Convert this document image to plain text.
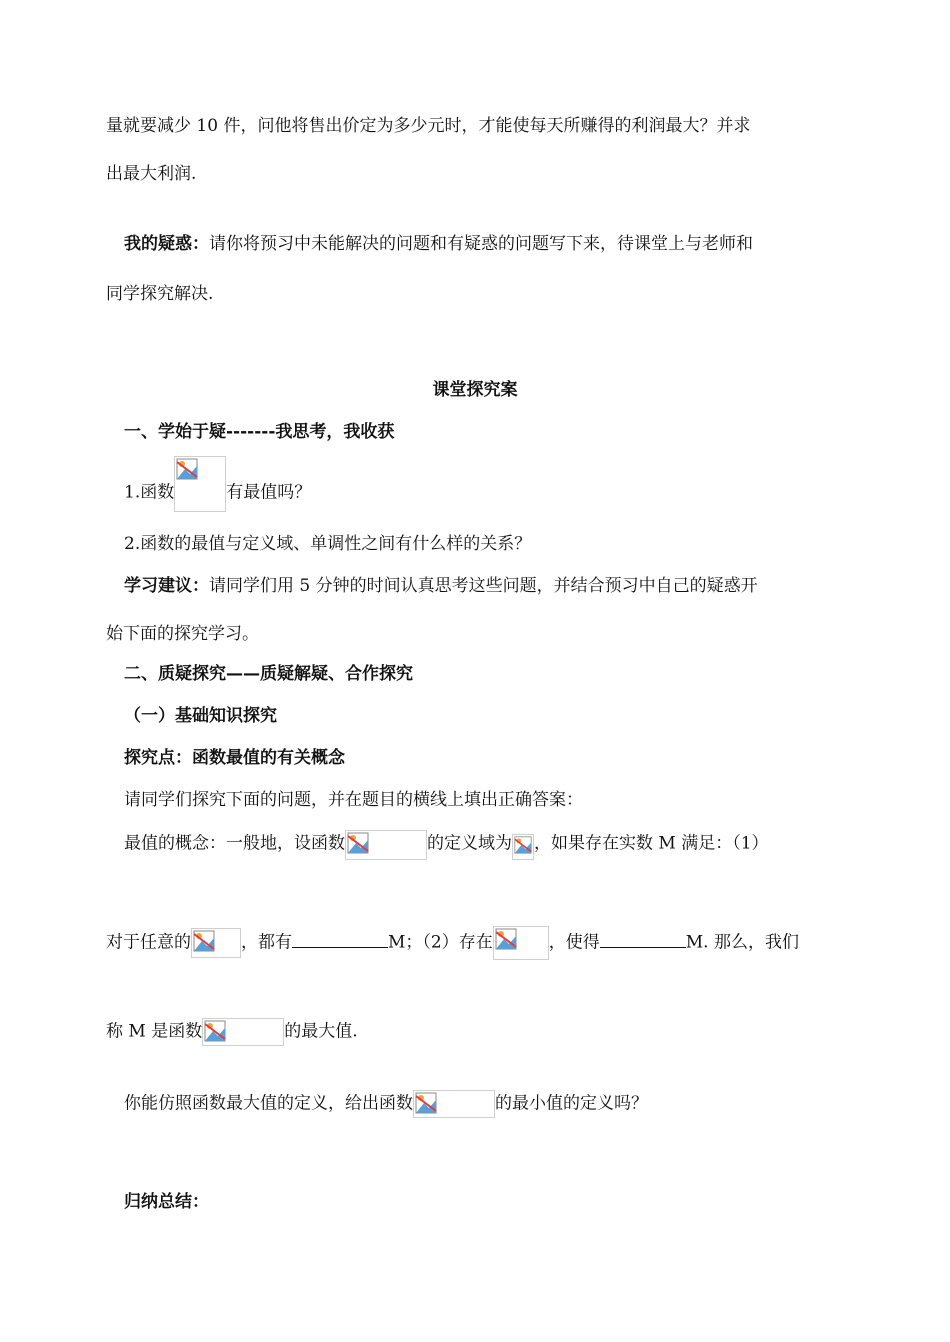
量就要减少 10 件，问他将售出价定为多少元时，才能使每天所赚得的利润最大？并求
出最大利润.
我的疑惑：请你将预习中未能解决的问题和有疑惑的问题写下来，待课堂上与老师和
同学探究解决.
课堂探究案
一、学始于疑-------我思考，我收获
1.函数	有最值吗？
2.函数的最值与定义域、单调性之间有什么样的关系？
学习建议：请同学们用 5 分钟的时间认真思考这些问题，并结合预习中自己的疑惑开
始下面的探究学习。
二、质疑探究——质疑解疑、合作探究
（一）基础知识探究
探究点：函数最值的有关概念
请同学们探究下面的问题，并在题目的横线上填出正确答案：
最值的概念：一般地，设函数	的定义域为 ，如果存在实数 M 满足：（1）
对于任意的	，都有	M；（2）存在	，使得	M. 那么，我们
称 M 是函数	的最大值.
你能仿照函数最大值的定义，给出函数	的最小值的定义吗？
归纳总结：
